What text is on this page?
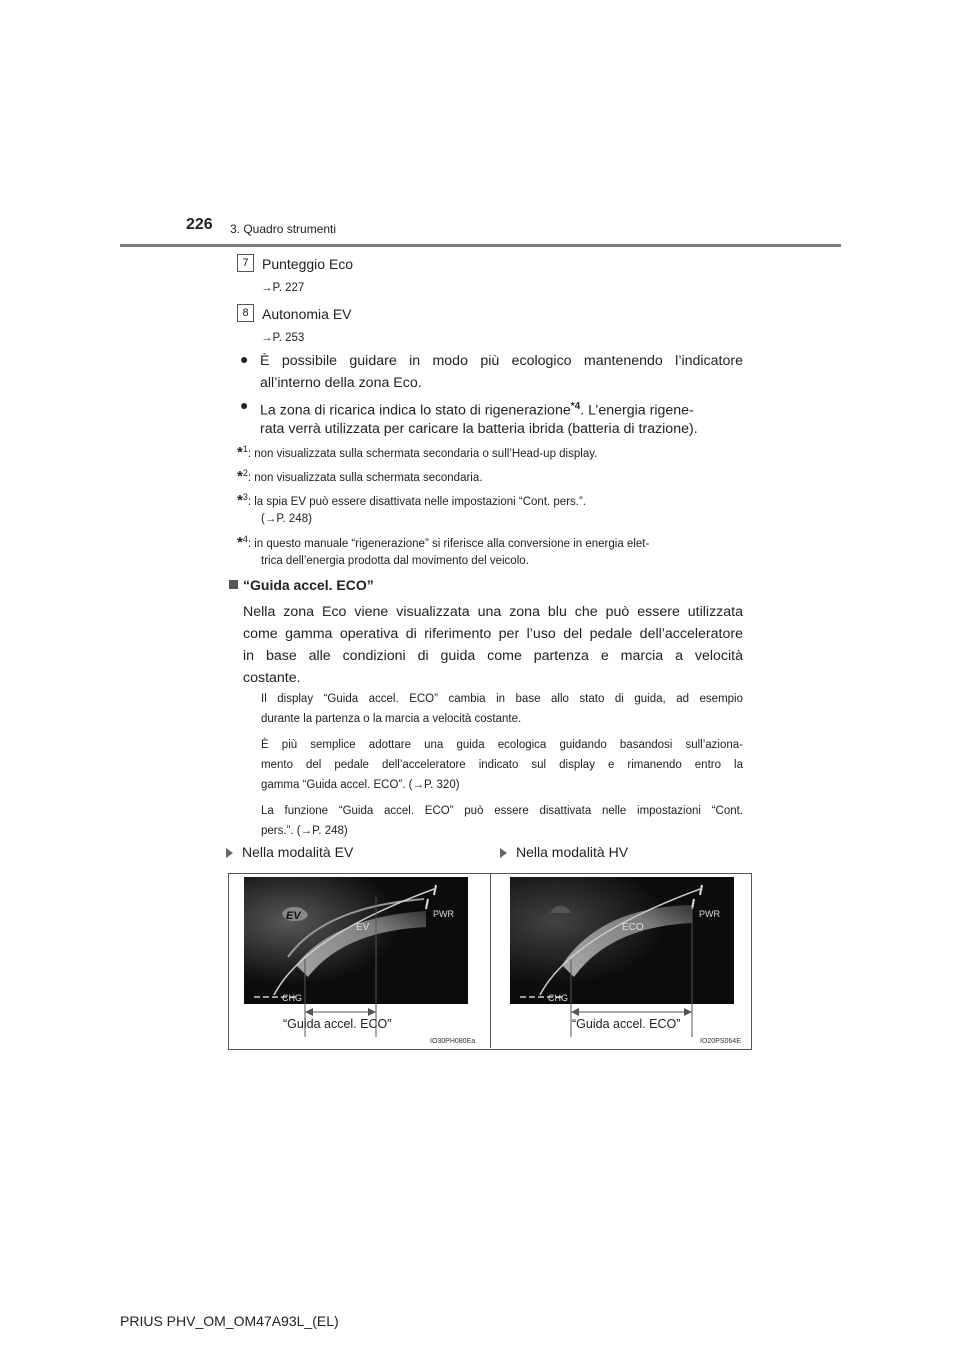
226 3. Quadro strumenti
7 Punteggio Eco
→P. 227
8 Autonomia EV
→P. 253
● È possibile guidare in modo più ecologico mantenendo l’indicatore
all’interno della zona Eco.
● La zona di ricarica indica lo stato di rigenerazione$^{*4}$. L’energia rigene-
rata verrà utilizzata per caricare la batteria ibrida (batteria di trazione).
*$^1$: non visualizzata sulla schermata secondaria o sull’Head-up display.
*$^2$: non visualizzata sulla schermata secondaria.
*$^3$: la spia EV può essere disattivata nelle impostazioni “Cont. pers.”.
(→P. 248)
*$^4$: in questo manuale “rigenerazione” si riferisce alla conversione in energia elet-
trica dell’energia prodotta dal movimento del veicolo.
“Guida accel. ECO”
Nella zona Eco viene visualizzata una zona blu che può essere utilizzata
come gamma operativa di riferimento per l’uso del pedale dell’acceleratore
in base alle condizioni di guida come partenza e marcia a velocità
costante.
Il display “Guida accel. ECO” cambia in base allo stato di guida, ad esempio
durante la partenza o la marcia a velocità costante.
È più semplice adottare una guida ecologica guidando basandosi sull’aziona-
mento del pedale dell’acceleratore indicato sul display e rimanendo entro la
gamma “Guida accel. ECO”. (→P. 320)
La funzione “Guida accel. ECO” può essere disattivata nelle impostazioni “Cont.
pers.”. (→P. 248)
Nella modalità EV	Nella modalità HV
EV
EV
PWR
CHG
“Guida accel. ECO”
IO30PH080Ea
ECO
PWR
CHG
“Guida accel. ECO”
IO20PS064E
PRIUS PHV_OM_OM47A93L_(EL)
